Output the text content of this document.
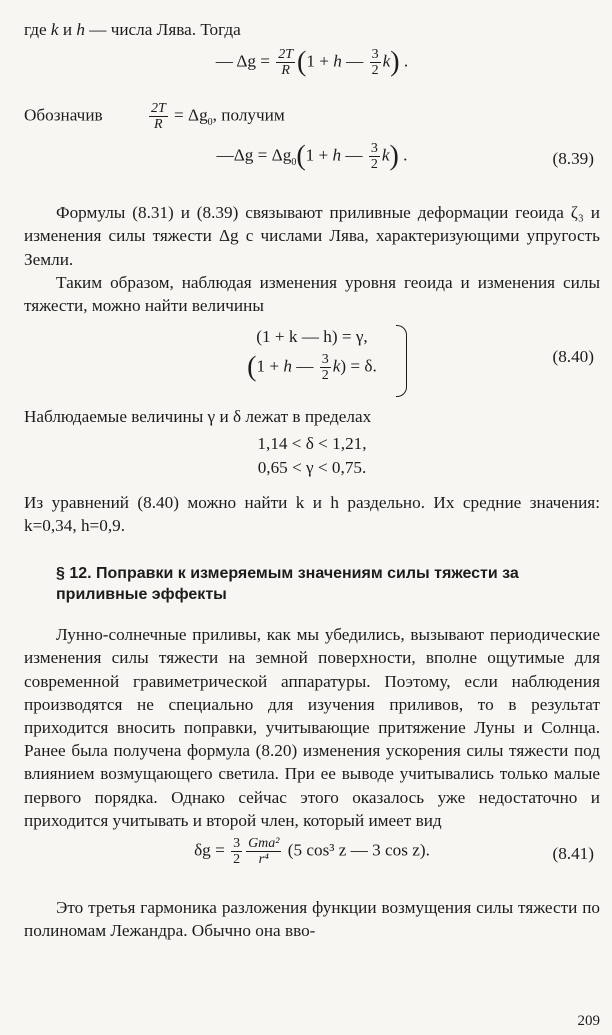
где k и h — числа Лява. Тогда

— $\Delta g = \frac{2T}{R} (1 + h$ — $\frac{3}{2} k$) .
Обозначив	$\frac{2T}{R} = \Delta g_0$, получим
—Δg = $\Delta g_0(1 + h$ — $\frac{3}{2} k$) .	(8.39)

Формулы (8.31) и (8.39) связывают приливные деформации геоида ζ₃ и изменения силы тяжести Δg с числами Лява, характеризующими упругость Земли.

Таким образом, наблюдая изменения уровня геоида и изменения силы тяжести, можно найти величины

(1 + k — h) = γ,
(1 + h — $\frac{3}{2} k) = \delta$.
(8.40)

Наблюдаемые величины γ и δ лежат в пределах

1,14 < δ < 1,21,
0,65 < γ < 0,75.

Из уравнений (8.40) можно найти k и h раздельно. Их средние значения: k=0,34, h=0,9.

§ 12. Поправки к измеряемым значениям силы тяжести за приливные эффекты

Лунно-солнечные приливы, как мы убедились, вызывают периодические изменения силы тяжести на земной поверхности, вполне ощутимые для современной гравиметрической аппаратуры. Поэтому, если наблюдения производятся не специально для изучения приливов, то в результат приходится вносить поправки, учитывающие притяжение Луны и Солнца. Ранее была получена формула (8.20) изменения ускорения силы тяжести под влиянием возмущающего светила. При ее выводе учитывались только малые первого порядка. Однако сейчас этого оказалось уже недостаточно и приходится учитывать и второй член, который имеет вид

$\delta g = \frac{3}{2} \frac{\text{Gma²}}{\text{r⁴}} (5$ cos³ z — 3 cos z).	(8.41)

Это третья гармоника разложения функции возмущения силы тяжести по полиномам Лежандра. Обычно она вво-

209
